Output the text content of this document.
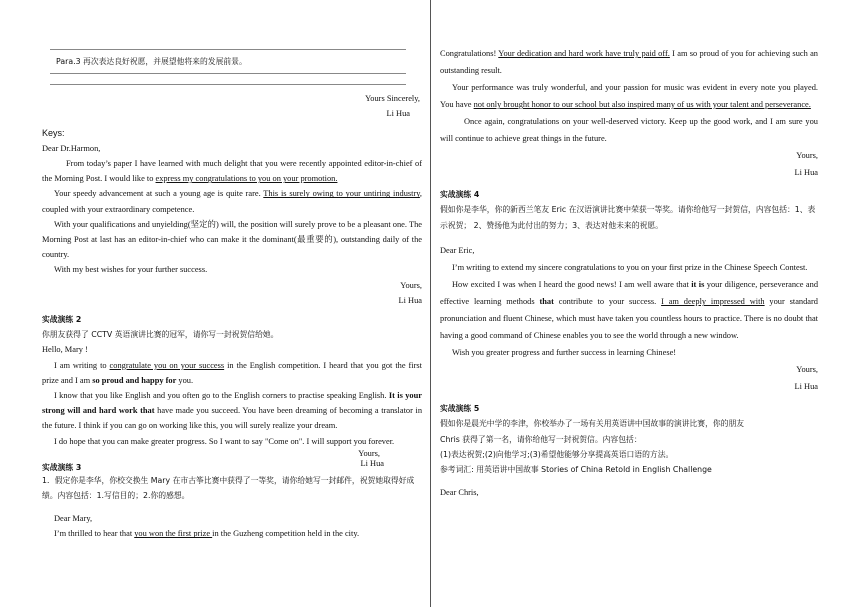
Para.3 再次表达良好祝愿，并展望他将来的发展前景。
Yours Sincerely,
Li Hua
Keys:

Dear Dr.Harmon,

From today’s paper I have learned with much delight that you were recently appointed editor-in-chief of the Morning Post. I would like to express my congratulations to you on your promotion.

Your speedy advancement at such a young age is quite rare. This is surely owing to your untiring industry, coupled with your extraordinary competence.

With your qualifications and unyielding(坚定的) will, the position will surely prove to be a pleasant one. The Morning Post at last has an editor-in-chief who can make it the dominant(最重要的), outstanding daily of the country.

With my best wishes for your further success.

Yours,
Li Hua
实战演练 2
你朋友获得了 CCTV 英语演讲比赛的冠军，请你写一封祝贺信给她。

Hello, Mary !

I am writing to congratulate you on your success in the English competition. I heard that you got the first prize and I am so proud and happy for you.

I know that you like English and you often go to the English corners to practise speaking English. It is your strong will and hard work that have made you succeed. You have been dreaming of becoming a translator in the future. I think if you can go on working like this, you will surely realize your dream.

I do hope that you can make greater progress. So I want to say "Come on". I will support you forever.

Yours,
Li Hua
实战演练 3
1．假定你是李华，你校交换生 Mary 在市古筝比赛中获得了一等奖，请你给她写一封邮件，祝贺她取得好成绩。内容包括：1.写信目的；2.你的感想。

Dear Mary,

I’m thrilled to hear that you won the first prize in the Guzheng competition held in the city.

Congratulations! Your dedication and hard work have truly paid off. I am so proud of you for achieving such an outstanding result.

Your performance was truly wonderful, and your passion for music was evident in every note you played. You have not only brought honor to our school but also inspired many of us with your talent and perseverance.

Once again, congratulations on your well-deserved victory. Keep up the good work, and I am sure you will continue to achieve great things in the future.

Yours,
Li Hua
实战演练 4
假如你是李华，你的新西兰笔友 Eric 在汉语演讲比赛中荣获一等奖。请你给他写一封贺信，内容包括：1、表示祝贺； 2、赞扬他为此付出的努力；3、表达对他未来的祝愿。

Dear Eric,

I’m writing to extend my sincere congratulations to you on your first prize in the Chinese Speech Contest.

How excited I was when I heard the good news! I am well aware that it is your diligence, perseverance and effective learning methods that contribute to your success. I am deeply impressed with your standard pronunciation and fluent Chinese, which must have taken you countless hours to practice. There is no doubt that having a good command of Chinese enables you to see the world through a new window.

Wish you greater progress and further success in learning Chinese!

Yours,
Li Hua
实战演练 5
假如你是晨光中学的李津，你校举办了一场有关用英语讲中国故事的演讲比赛，你的朋友
Chris 获得了第一名，请你给他写一封祝贺信。内容包括：
(1)表达祝贺;(2)向他学习;(3)希望他能够分享提高英语口语的方法。
参考词汇: 用英语讲中国故事 Stories of China Retold in English Challenge

Dear Chris,
